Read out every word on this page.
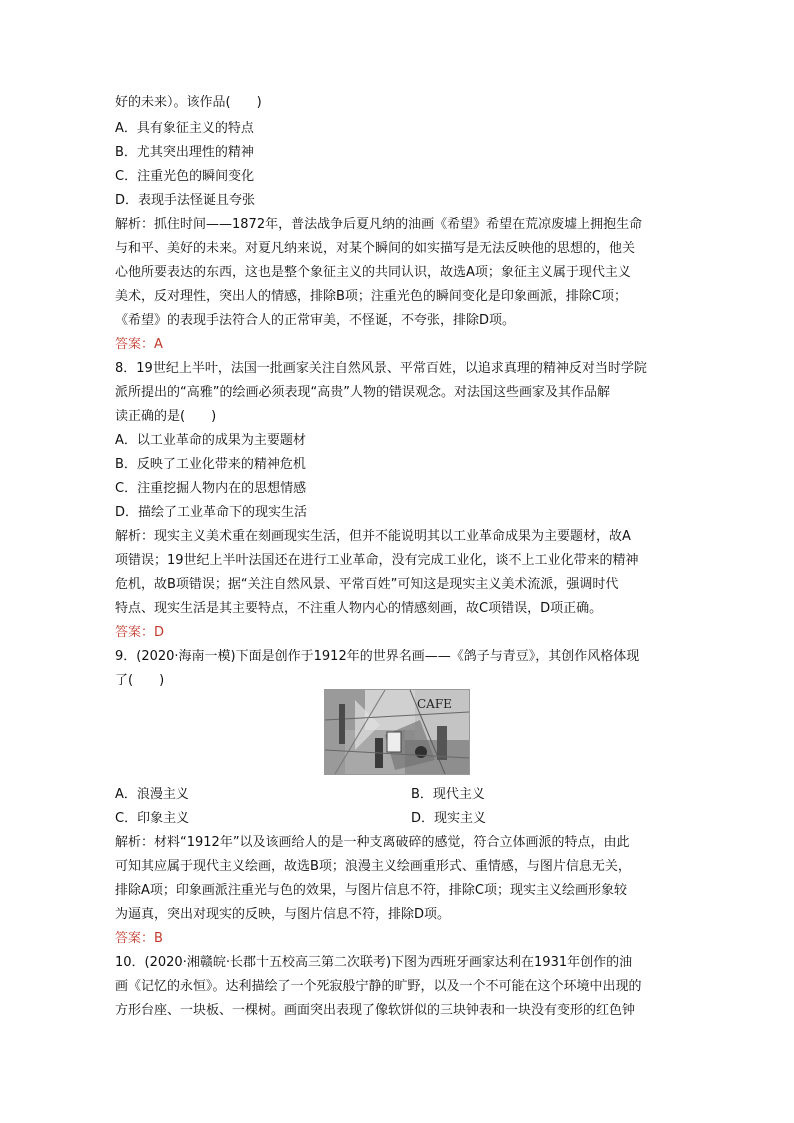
好的未来）。该作品(　　)
A．具有象征主义的特点
B．尤其突出理性的精神
C．注重光色的瞬间变化
D．表现手法怪诞且夸张
解析：抓住时间——1872年，普法战争后夏凡纳的油画《希望》希望在荒凉废墟上拥抱生命
与和平、美好的未来。对夏凡纳来说，对某个瞬间的如实描写是无法反映他的思想的，他关
心他所要表达的东西，这也是整个象征主义的共同认识，故选A项；象征主义属于现代主义
美术，反对理性，突出人的情感，排除B项；注重光色的瞬间变化是印象画派，排除C项；
《希望》的表现手法符合人的正常审美，不怪诞，不夸张，排除D项。
答案：A
8．19世纪上半叶，法国一批画家关注自然风景、平常百姓，以追求真理的精神反对当时学院
派所提出的“高雅”的绘画必须表现“高贵”人物的错误观念。对法国这些画家及其作品解
读正确的是(　　)
A．以工业革命的成果为主要题材
B．反映了工业化带来的精神危机
C．注重挖掘人物内在的思想情感
D．描绘了工业革命下的现实生活
解析：现实主义美术重在刻画现实生活，但并不能说明其以工业革命成果为主要题材，故A
项错误；19世纪上半叶法国还在进行工业革命，没有完成工业化，谈不上工业化带来的精神
危机，故B项错误；据“关注自然风景、平常百姓”可知这是现实主义美术流派，强调时代
特点、现实生活是其主要特点，不注重人物内心的情感刻画，故C项错误，D项正确。
答案：D
9．(2020·海南一模)下面是创作于1912年的世界名画——《鸽子与青豆》，其创作风格体现
了(　　)
CAFE
A．浪漫主义	B．现代主义
C．印象主义	D．现实主义
解析：材料“1912年”以及该画给人的是一种支离破碎的感觉，符合立体画派的特点，由此
可知其应属于现代主义绘画，故选B项；浪漫主义绘画重形式、重情感，与图片信息无关，
排除A项；印象画派注重光与色的效果，与图片信息不符，排除C项；现实主义绘画形象较
为逼真，突出对现实的反映，与图片信息不符，排除D项。
答案：B
10．(2020·湘赣皖·长郡十五校高三第二次联考)下图为西班牙画家达利在1931年创作的油
画《记忆的永恒》。达利描绘了一个死寂般宁静的旷野，以及一个不可能在这个环境中出现的
方形台座、一块板、一棵树。画面突出表现了像软饼似的三块钟表和一块没有变形的红色钟
